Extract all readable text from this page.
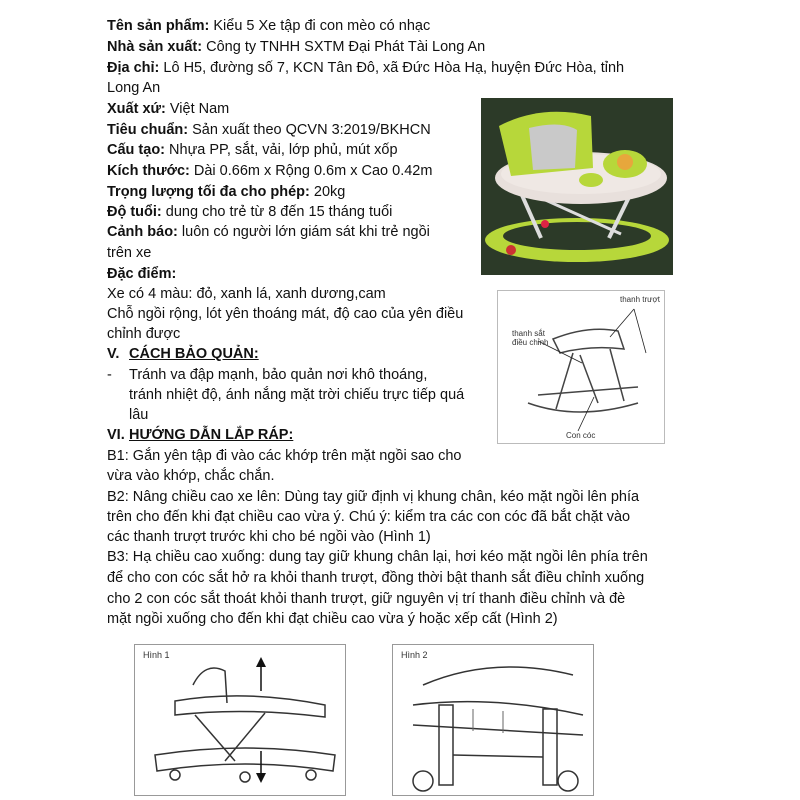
Tên sản phẩm: Kiểu 5 Xe tập đi con mèo có nhạc
Nhà sản xuất: Công ty TNHH SXTM Đại Phát Tài Long An
Địa chỉ: Lô H5, đường số 7, KCN Tân Đô, xã Đức Hòa Hạ, huyện Đức Hòa, tỉnh
Long An
Xuất xứ: Việt Nam
Tiêu chuẩn: Sản xuất theo QCVN 3:2019/BKHCN
Cấu tạo: Nhựa PP, sắt, vải, lớp phủ, mút xốp
Kích thước: Dài 0.66m x Rộng 0.6m x Cao 0.42m
Trọng lượng tối đa cho phép: 20kg
Độ tuổi: dung cho trẻ từ 8 đến 15 tháng tuổi
Cảnh báo: luôn có người lớn giám sát khi trẻ ngồi
trên xe
Đặc điểm:
Xe có 4 màu: đỏ, xanh lá, xanh dương,cam
Chỗ ngồi rộng, lót yên thoáng mát, độ cao của yên điều
chỉnh được
V. CÁCH BẢO QUẢN:
- Tránh va đập mạnh, bảo quản nơi khô thoáng,
tránh nhiệt độ, ánh nắng mặt trời chiếu trực tiếp quá
lâu
VI. HƯỚNG DẪN LẮP RÁP:
B1: Gắn yên tập đi vào các khớp trên mặt ngồi sao cho
vừa vào khớp, chắc chắn.
B2: Nâng chiều cao xe lên: Dùng tay giữ định vị khung chân, kéo mặt ngồi lên phía
trên cho đến khi đạt chiều cao vừa ý. Chú ý: kiểm tra các con cóc đã bắt chặt vào
các thanh trượt trước khi cho bé ngồi vào (Hình 1)
B3: Hạ chiều cao xuống: dung tay giữ khung chân lại, hơi kéo mặt ngồi lên phía trên
để cho con cóc sắt hở ra khỏi thanh trượt, đồng thời bật thanh sắt điều chỉnh xuống
cho 2 con cóc sắt thoát khỏi thanh trượt, giữ nguyên vị trí thanh điều chỉnh và đè
mặt ngồi xuống cho đến khi đạt chiều cao vừa ý hoặc xếp cất (Hình 2)
thanh trượt
thanh sắt
điều chỉnh
Con cóc
Hình 1	Hình 2
